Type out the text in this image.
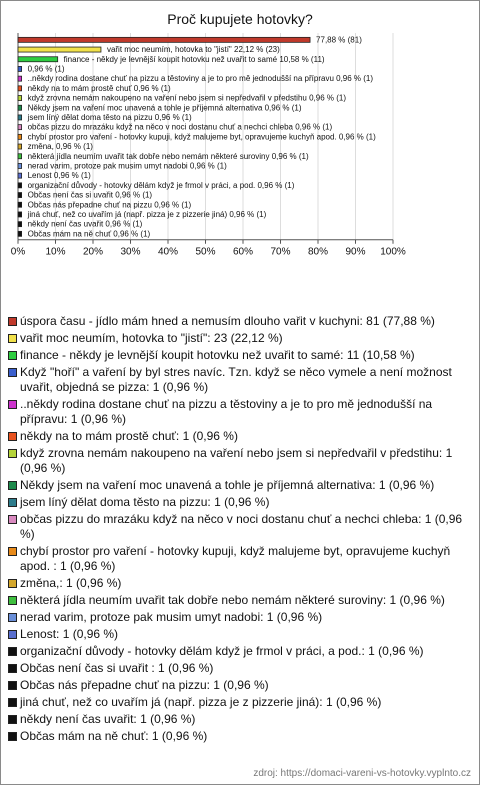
Proč kupujete hotovky?
0% 10% 20% 30% 40% 50% 60% 70% 80% 90% 100%
77,88 % (81)
vařit moc neumím, hotovka to "jistí" 22,12 % (23)
finance - někdy je levnější koupit hotovku než uvařit to samé 10,58 % (11)
0,96 % (1)
..někdy rodina dostane chuť na pizzu a těstoviny a je to pro mě jednodušší na přípravu 0,96 % (1)
někdy na to mám prostě chuť 0,96 % (1)
když zrovna nemám nakoupeno na vaření nebo jsem si nepředvařil v předstihu 0,96 % (1)
Někdy jsem na vaření moc unavená a tohle je příjemná alternativa 0,96 % (1)
jsem líný dělat doma těsto na pizzu 0,96 % (1)
občas pizzu do mrazáku když na něco v noci dostanu chuť a nechci chleba 0,96 % (1)
chybí prostor pro vaření - hotovky kupuji, když malujeme byt, opravujeme kuchyň apod. 0,96 % (1)
změna, 0,96 % (1)
některá jídla neumím uvařit tak dobře nebo nemám některé suroviny 0,96 % (1)
nerad varim, protoze pak musim umyt nadobi 0,96 % (1)
Lenost 0,96 % (1)
organizační důvody - hotovky dělám když je frmol v práci, a pod. 0,96 % (1)
Občas není čas si uvařit 0,96 % (1)
Občas nás přepadne chuť na pizzu 0,96 % (1)
jiná chuť, než co uvařím já (např. pizza je z pizzerie jiná) 0,96 % (1)
někdy není čas uvařit 0,96 % (1)
Občas mám na ně chuť 0,96 % (1)
úspora času - jídlo mám hned a nemusím dlouho vařit v kuchyni: 81 (77,88 %)
vařit moc neumím, hotovka to "jistí": 23 (22,12 %)
finance - někdy je levnější koupit hotovku než uvařit to samé: 11 (10,58 %)
Když "hoří" a vaření by byl stres navíc. Tzn. když se něco vymele a není možnost uvařit, objedná se pizza: 1 (0,96 %)
..někdy rodina dostane chuť na pizzu a těstoviny a je to pro mě jednodušší na přípravu: 1 (0,96 %)
někdy na to mám prostě chuť: 1 (0,96 %)
když zrovna nemám nakoupeno na vaření nebo jsem si nepředvařil v předstihu: 1 (0,96 %)
Někdy jsem na vaření moc unavená a tohle je příjemná alternativa: 1 (0,96 %)
jsem líný dělat doma těsto na pizzu: 1 (0,96 %)
občas pizzu do mrazáku když na něco v noci dostanu chuť a nechci chleba: 1 (0,96 %)
chybí prostor pro vaření - hotovky kupuji, když malujeme byt, opravujeme kuchyň apod. : 1 (0,96 %)
změna,: 1 (0,96 %)
některá jídla neumím uvařit tak dobře nebo nemám některé suroviny: 1 (0,96 %)
nerad varim, protoze pak musim umyt nadobi: 1 (0,96 %)
Lenost: 1 (0,96 %)
organizační důvody - hotovky dělám když je frmol v práci, a pod.: 1 (0,96 %)
Občas není čas si uvařit : 1 (0,96 %)
Občas nás přepadne chuť na pizzu: 1 (0,96 %)
jiná chuť, než co uvařím já (např. pizza je z pizzerie jiná): 1 (0,96 %)
někdy není čas uvařit: 1 (0,96 %)
Občas mám na ně chuť: 1 (0,96 %)
zdroj: https://domaci-vareni-vs-hotovky.vyplnto.cz
